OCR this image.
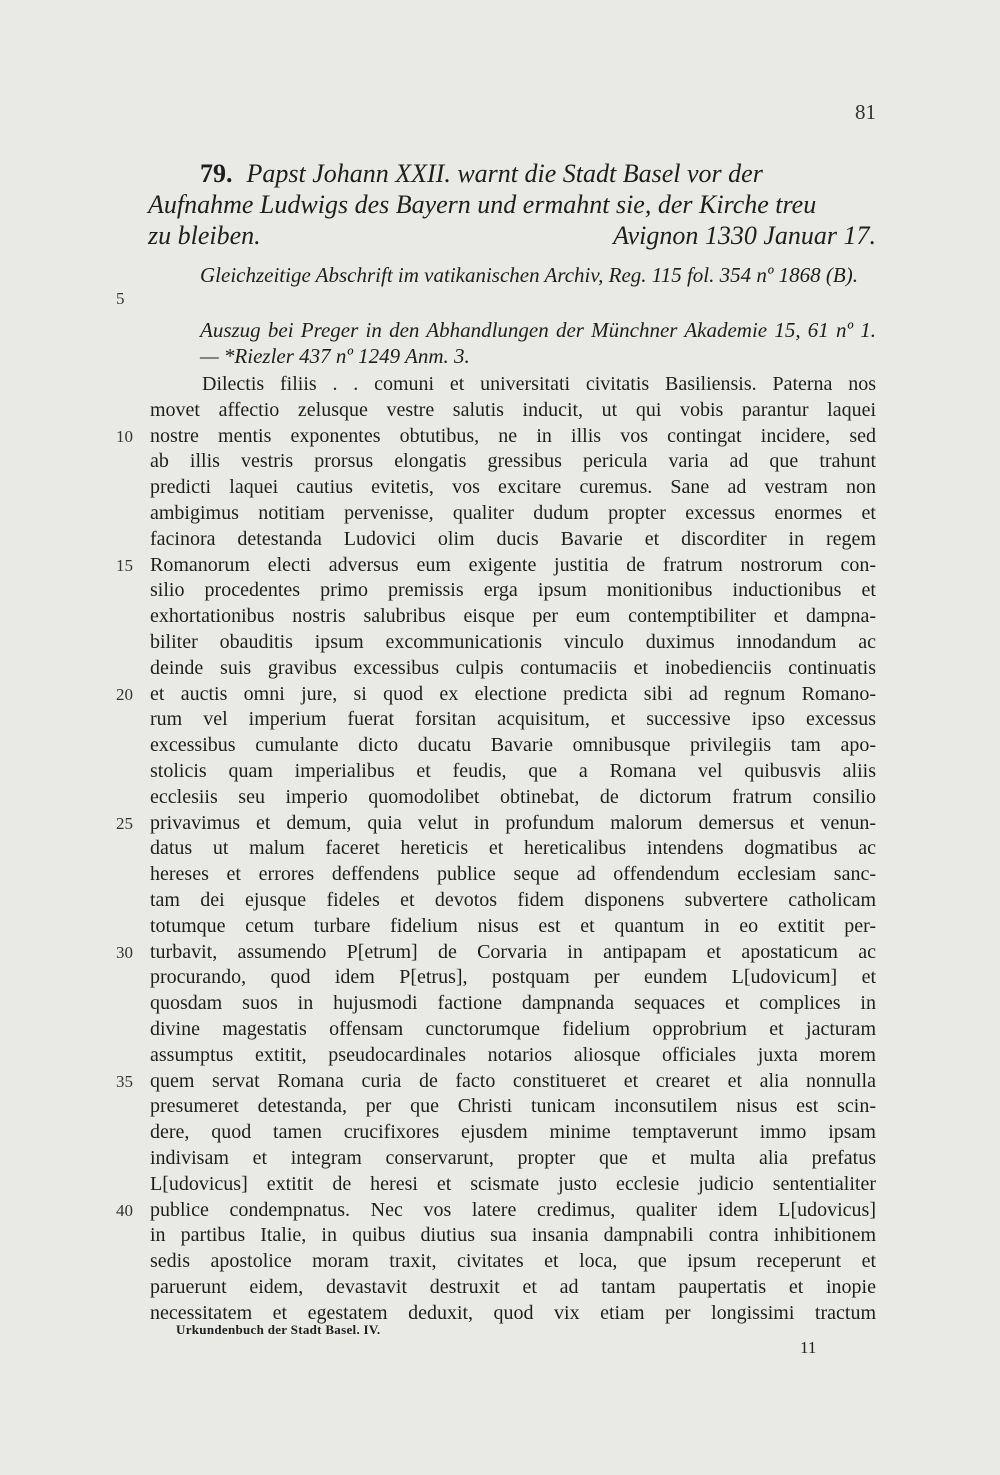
81
79. Papst Johann XXII. warnt die Stadt Basel vor der
Aufnahme Ludwigs des Bayern und ermahnt sie, der Kirche treu
zu bleiben.	Avignon 1330 Januar 17.
Gleichzeitige Abschrift im vatikanischen Archiv, Reg. 115 fol. 354 nº 1868 (B).
Auszug bei Preger in den Abhandlungen der Münchner Akademie 15, 61 nº 1. — *Riezler 437 nº 1249 Anm. 3.
Dilectis filiis . . comuni et universitati civitatis Basiliensis. Paterna nos
movet affectio zelusque vestre salutis inducit, ut qui vobis parantur laquei
nostre mentis exponentes obtutibus, ne in illis vos contingat incidere, sed
ab illis vestris prorsus elongatis gressibus pericula varia ad que trahunt
predicti laquei cautius evitetis, vos excitare curemus. Sane ad vestram non
ambigimus notitiam pervenisse, qualiter dudum propter excessus enormes et
facinora detestanda Ludovici olim ducis Bavarie et discorditer in regem
Romanorum electi adversus eum exigente justitia de fratrum nostrorum con-
silio procedentes primo premissis erga ipsum monitionibus inductionibus et
exhortationibus nostris salubribus eisque per eum contemptibiliter et dampna-
biliter obauditis ipsum excommunicationis vinculo duximus innodandum ac
deinde suis gravibus excessibus culpis contumaciis et inobedienciis continuatis
et auctis omni jure, si quod ex electione predicta sibi ad regnum Romano-
rum vel imperium fuerat forsitan acquisitum, et successive ipso excessus
excessibus cumulante dicto ducatu Bavarie omnibusque privilegiis tam apo-
stolicis quam imperialibus et feudis, que a Romana vel quibusvis aliis
ecclesiis seu imperio quomodolibet obtinebat, de dictorum fratrum consilio
privavimus et demum, quia velut in profundum malorum demersus et venun-
datus ut malum faceret hereticis et hereticalibus intendens dogmatibus ac
hereses et errores deffendens publice seque ad offendendum ecclesiam sanc-
tam dei ejusque fideles et devotos fidem disponens subvertere catholicam
totumque cetum turbare fidelium nisus est et quantum in eo extitit per-
turbavit, assumendo P[etrum] de Corvaria in antipapam et apostaticum ac
procurando, quod idem P[etrus], postquam per eundem L[udovicum] et
quosdam suos in hujusmodi factione dampnanda sequaces et complices in
divine magestatis offensam cunctorumque fidelium opprobrium et jacturam
assumptus extitit, pseudocardinales notarios aliosque officiales juxta morem
quem servat Romana curia de facto constitueret et crearet et alia nonnulla
presumeret detestanda, per que Christi tunicam inconsutilem nisus est scin-
dere, quod tamen crucifixores ejusdem minime temptaverunt immo ipsam
indivisam et integram conservarunt, propter que et multa alia prefatus
L[udovicus] extitit de heresi et scismate justo ecclesie judicio sententialiter
publice condempnatus. Nec vos latere credimus, qualiter idem L[udovicus]
in partibus Italie, in quibus diutius sua insania dampnabili contra inhibitionem
sedis apostolice moram traxit, civitates et loca, que ipsum receperunt et
paruerunt eidem, devastavit destruxit et ad tantam paupertatis et inopie
necessitatem et egestatem deduxit, quod vix etiam per longissimi tractum
Urkundenbuch der Stadt Basel. IV.
11
5
10
15
20
25
30
35
40
